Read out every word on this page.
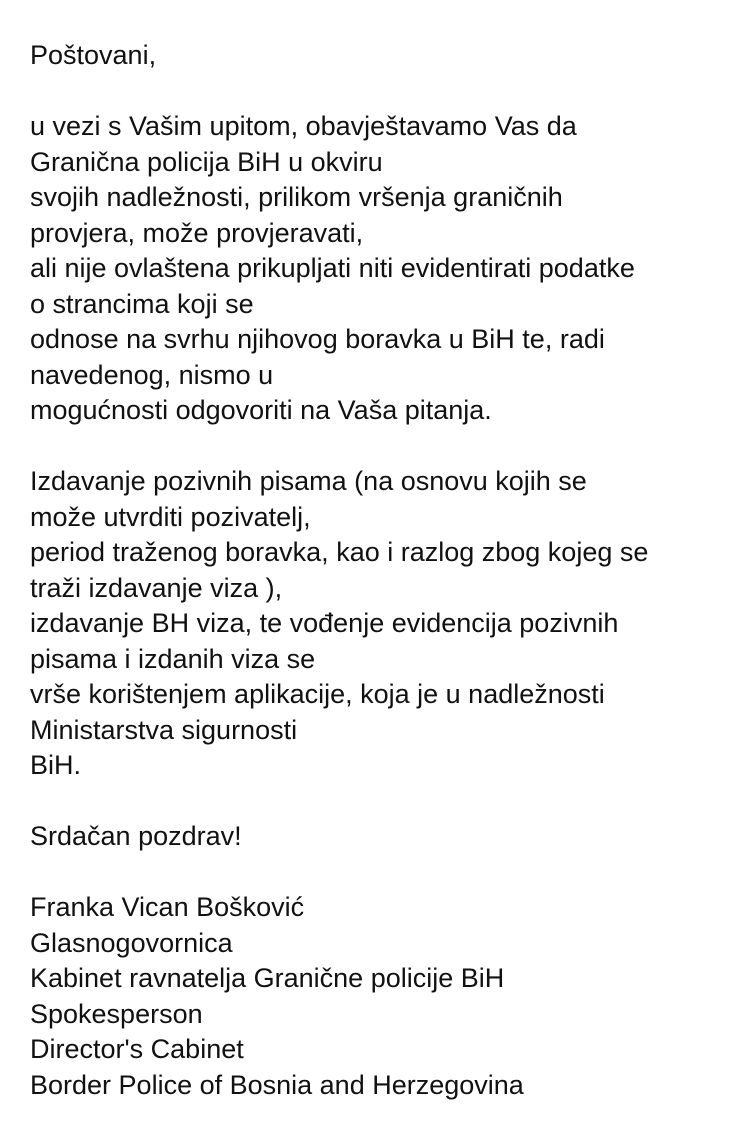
Poštovani,
u vezi s Vašim upitom, obavještavamo Vas da
Granična policija BiH u okviru
svojih nadležnosti, prilikom vršenja graničnih
provjera, može provjeravati,
ali nije ovlaštena prikupljati niti evidentirati podatke
o strancima koji se
odnose na svrhu njihovog boravka u BiH te, radi
navedenog, nismo u
mogućnosti odgovoriti na Vaša pitanja.
Izdavanje pozivnih pisama (na osnovu kojih se
može utvrditi pozivatelj,
period traženog boravka, kao i razlog zbog kojeg se
traži izdavanje viza ),
izdavanje BH viza, te vođenje evidencija pozivnih
pisama i izdanih viza se
vrše korištenjem aplikacije, koja je u nadležnosti
Ministarstva sigurnosti
BiH.
Srdačan pozdrav!
Franka Vican Bošković
Glasnogovornica
Kabinet ravnatelja Granične policije BiH
Spokesperson
Director's Cabinet
Border Police of Bosnia and Herzegovina
